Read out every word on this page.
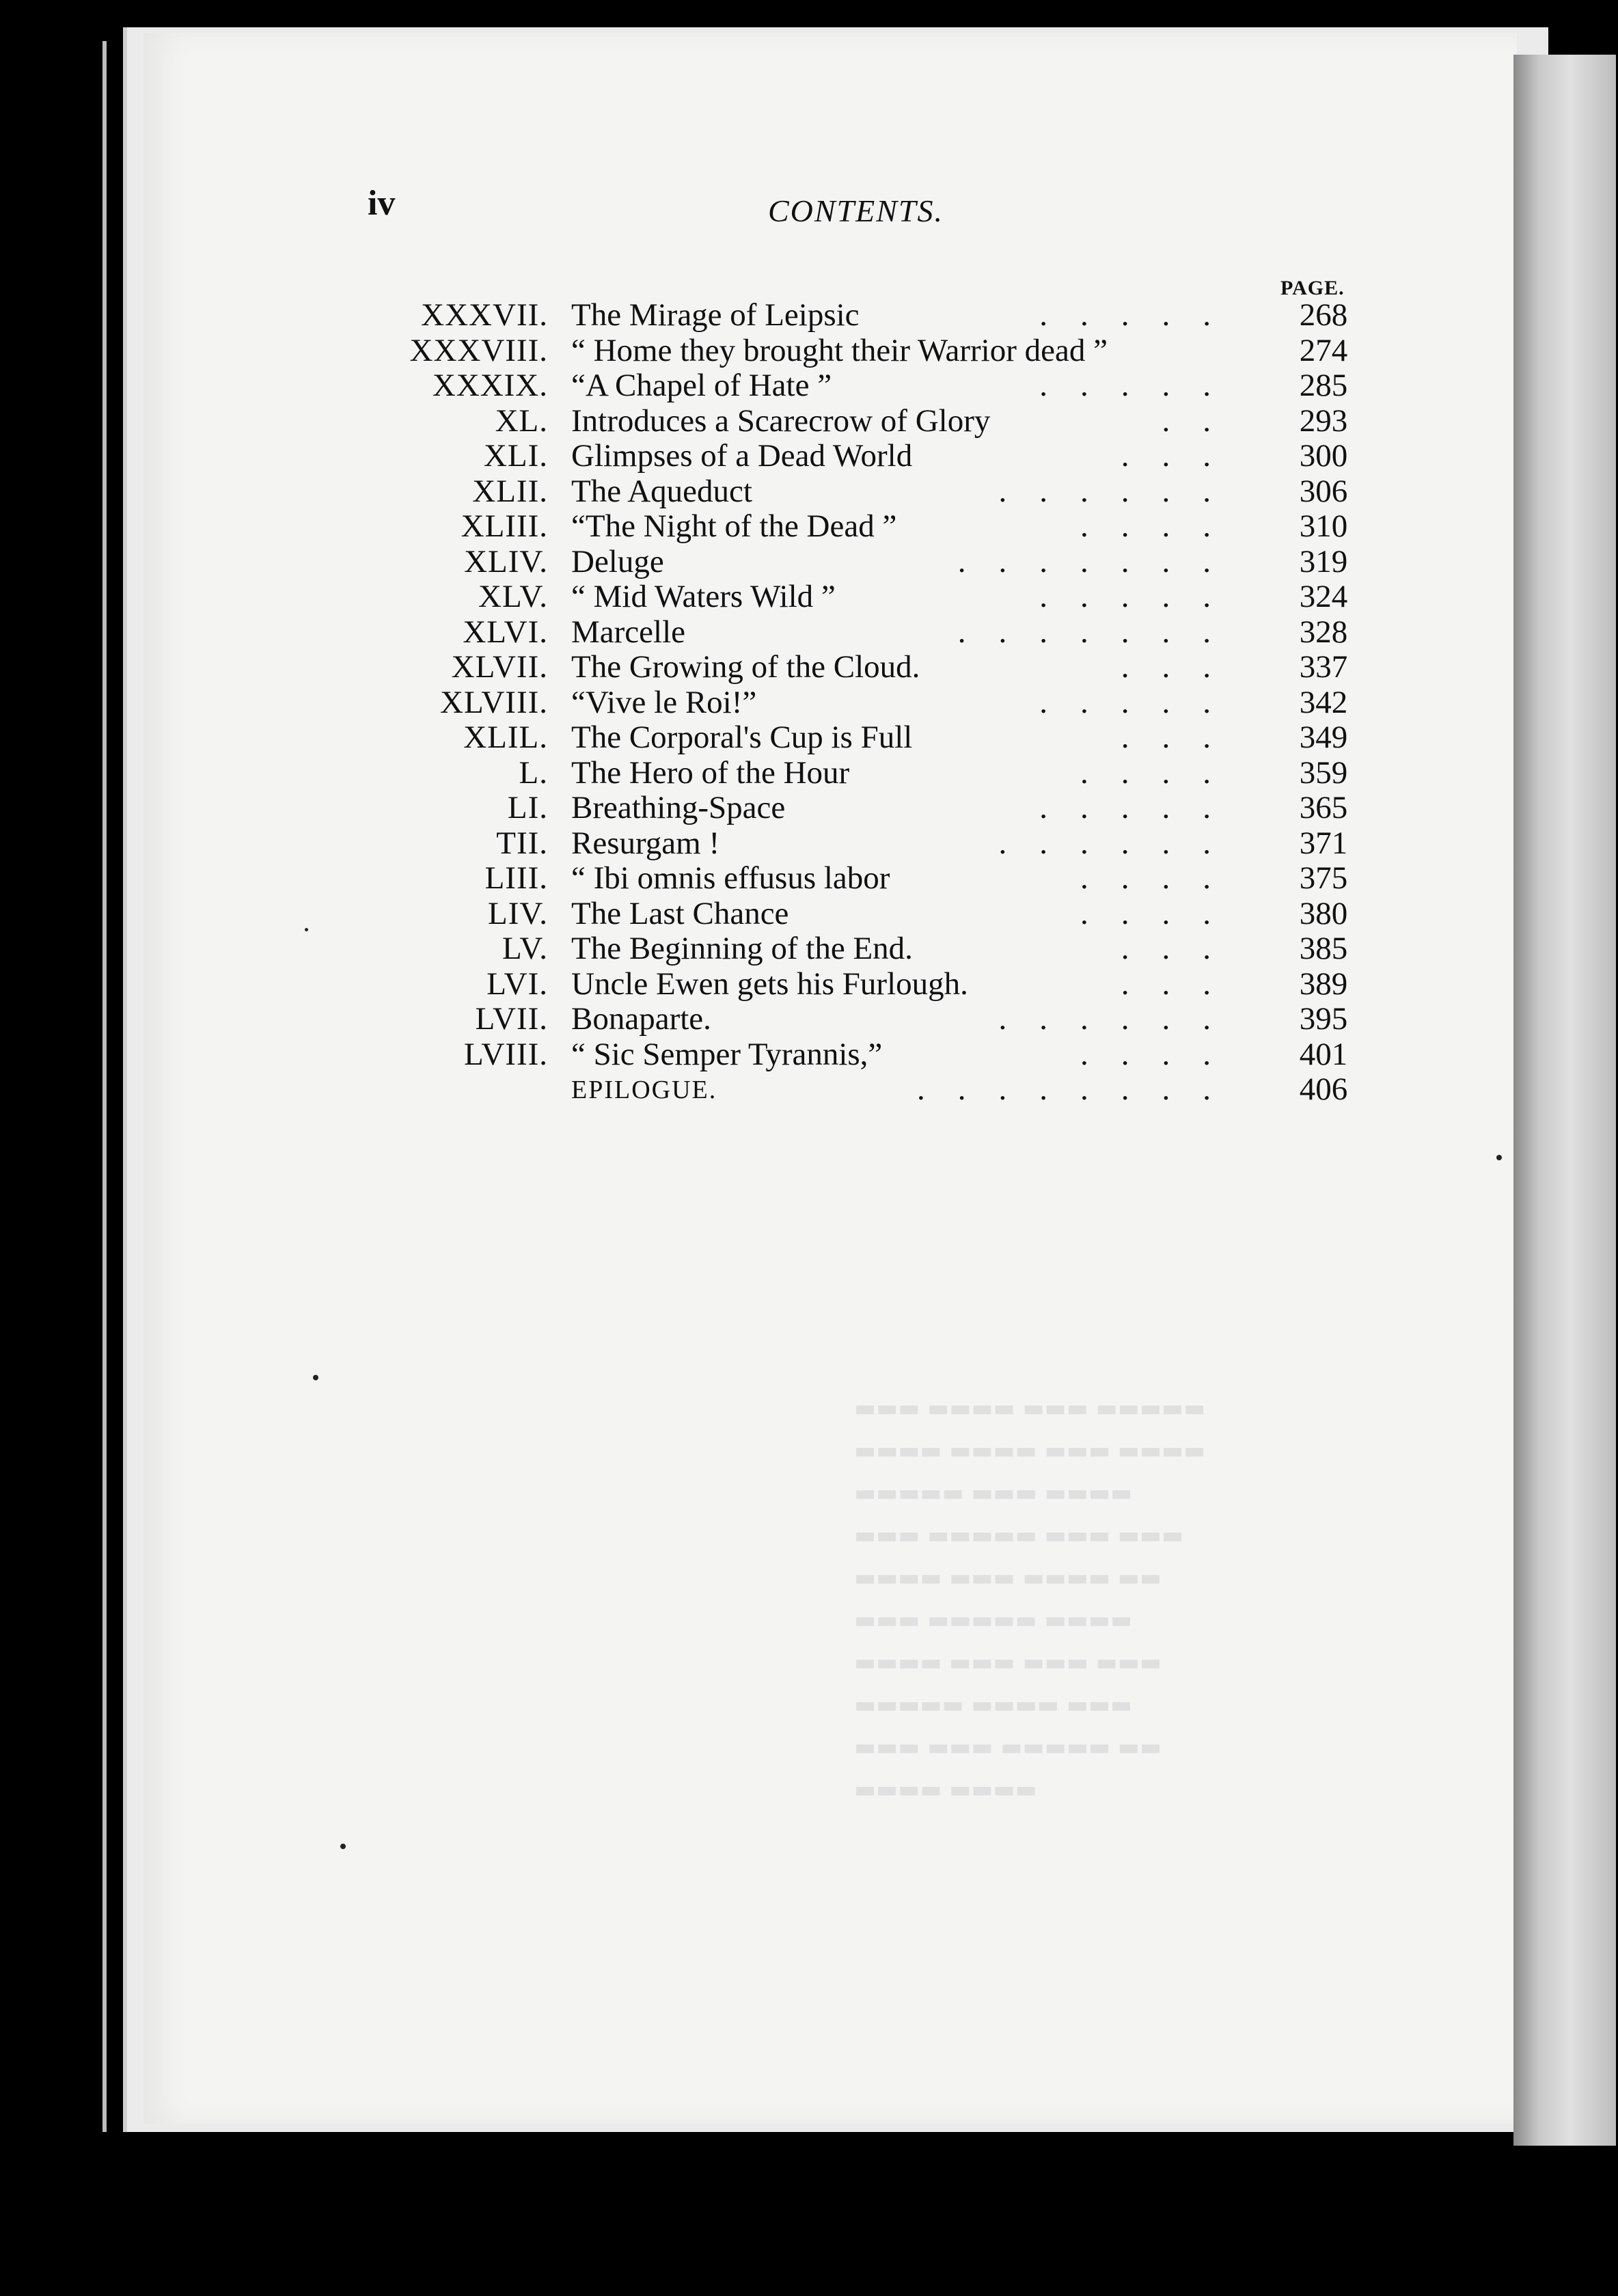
▬▬▬ ▬▬▬▬ ▬▬▬ ▬▬▬▬▬
▬▬▬▬ ▬▬▬▬ ▬▬▬ ▬▬▬▬
▬▬▬▬▬ ▬▬▬ ▬▬▬▬
▬▬▬ ▬▬▬▬▬ ▬▬▬ ▬▬▬
▬▬▬▬ ▬▬▬ ▬▬▬▬ ▬▬
▬▬▬ ▬▬▬▬▬ ▬▬▬▬
▬▬▬▬ ▬▬▬ ▬▬▬ ▬▬▬
▬▬▬▬▬ ▬▬▬▬ ▬▬▬
▬▬▬ ▬▬▬ ▬▬▬▬▬ ▬▬
▬▬▬▬ ▬▬▬▬
iv	CONTENTS.
PAGE.
XXXVII. The Mirage of Leipsic	.....	268
XXXVIII. “ Home they brought their Warrior dead ”	274
XXXIX. “A Chapel of Hate ”	.....	285
XL. Introduces a Scarecrow of Glory	..	293
XLI. Glimpses of a Dead World	...	300
XLII. The Aqueduct	......	306
XLIII. “The Night of the Dead ”	....	310
XLIV. Deluge	.......	319
XLV. “ Mid Waters Wild ”	.....	324
XLVI. Marcelle	.......	328
XLVII. The Growing of the Cloud.	...	337
XLVIII. “Vive le Roi!”	.....	342
XLIL. The Corporal's Cup is Full	...	349
L. The Hero of the Hour	....	359
LI. Breathing-Space	.....	365
TII. Resurgam !	......	371
LIII. “ Ibi omnis effusus labor	....	375
LIV. The Last Chance	....	380
LV. The Beginning of the End.	...	385
LVI. Uncle Ewen gets his Furlough.	...	389
LVII. Bonaparte.	......	395
LVIII. “ Sic Semper Tyrannis,”	....	401
EPILOGUE.	........	406
